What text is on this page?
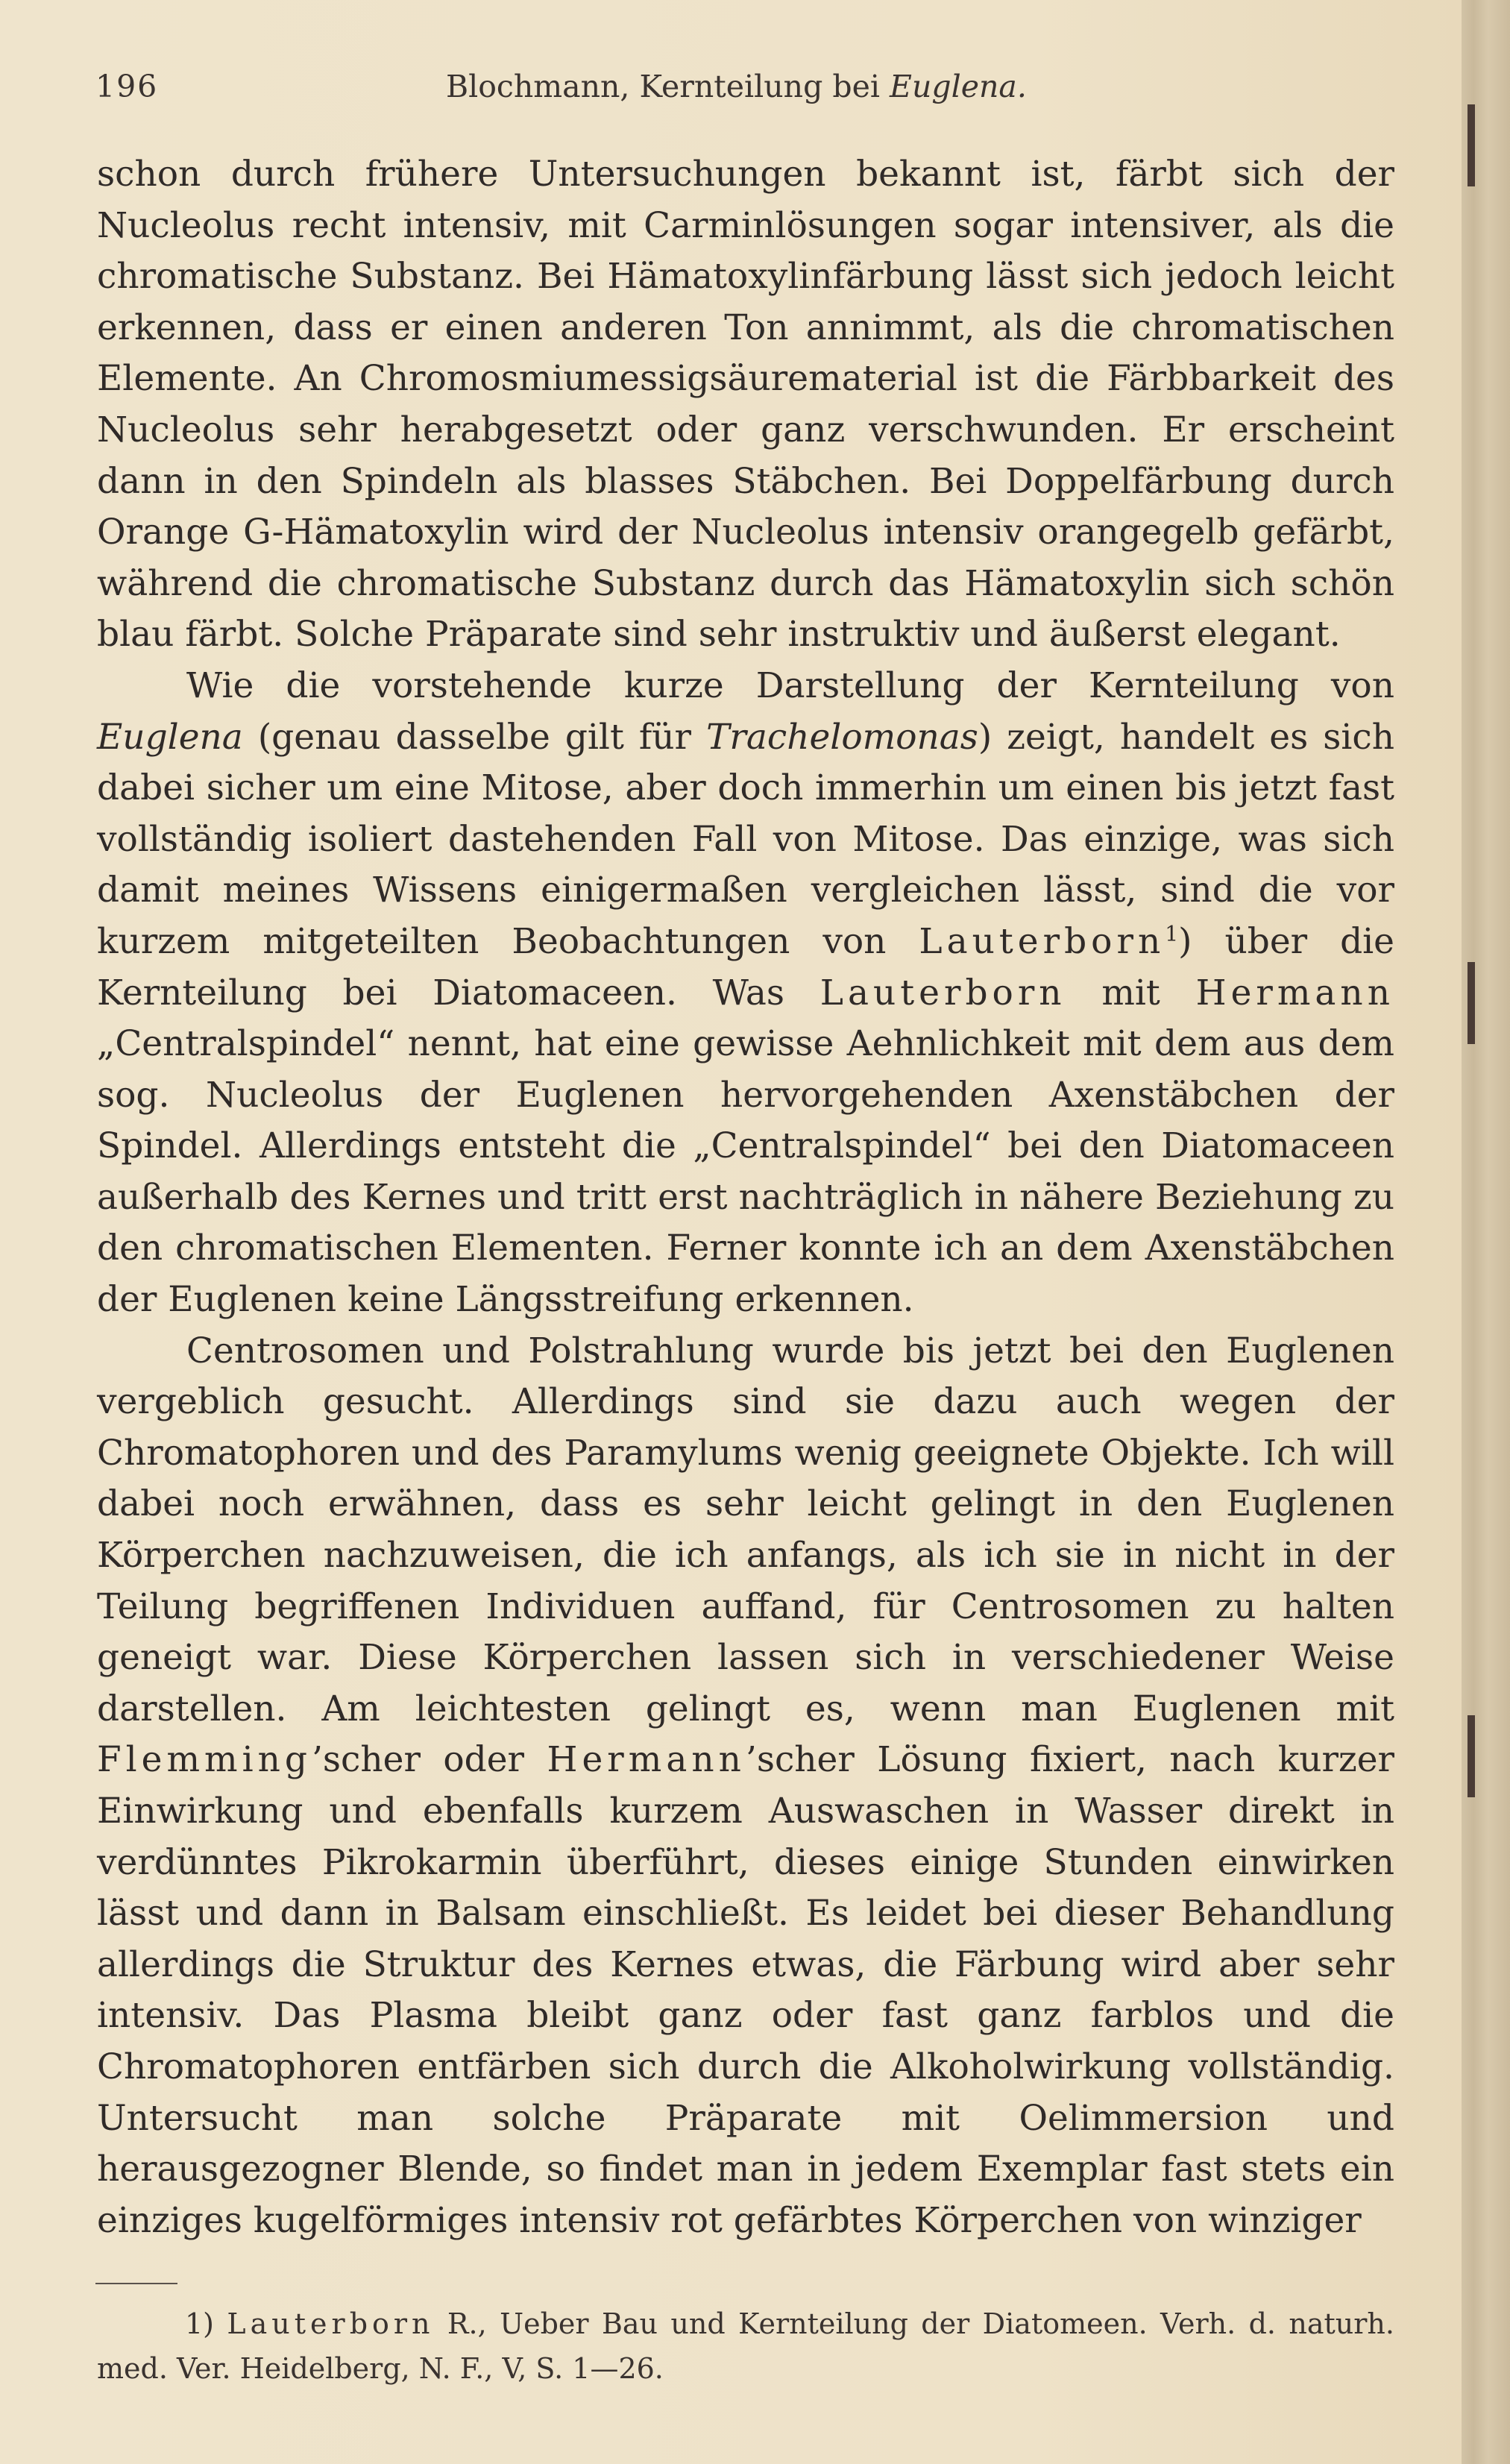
196	Blochmann, Kernteilung bei Euglena.

schon durch frühere Untersuchungen bekannt ist, färbt sich der Nucleolus recht intensiv, mit Carminlösungen sogar intensiver, als die chromatische Substanz. Bei Hämatoxylinfärbung lässt sich jedoch leicht erkennen, dass er einen anderen Ton annimmt, als die chromatischen Elemente. An Chromosmiumessigsäurematerial ist die Färbbarkeit des Nucleolus sehr herabgesetzt oder ganz verschwunden. Er erscheint dann in den Spindeln als blasses Stäbchen. Bei Doppelfärbung durch Orange G-Hämatoxylin wird der Nucleolus intensiv orangegelb gefärbt, während die chromatische Substanz durch das Hämatoxylin sich schön blau färbt. Solche Präparate sind sehr instruktiv und äußerst elegant.

Wie die vorstehende kurze Darstellung der Kernteilung von Euglena (genau dasselbe gilt für Trachelomonas) zeigt, handelt es sich dabei sicher um eine Mitose, aber doch immerhin um einen bis jetzt fast vollständig isoliert dastehenden Fall von Mitose. Das einzige, was sich damit meines Wissens einigermaßen vergleichen lässt, sind die vor kurzem mitgeteilten Beobachtungen von Lauterborn$^1$) über die Kernteilung bei Diatomaceen. Was Lauterborn mit Hermann „Centralspindel“ nennt, hat eine gewisse Aehnlichkeit mit dem aus dem sog. Nucleolus der Euglenen hervorgehenden Axenstäbchen der Spindel. Allerdings entsteht die „Centralspindel“ bei den Diatomaceen außerhalb des Kernes und tritt erst nachträglich in nähere Beziehung zu den chromatischen Elementen. Ferner konnte ich an dem Axenstäbchen der Euglenen keine Längsstreifung erkennen.

Centrosomen und Polstrahlung wurde bis jetzt bei den Euglenen vergeblich gesucht. Allerdings sind sie dazu auch wegen der Chromatophoren und des Paramylums wenig geeignete Objekte. Ich will dabei noch erwähnen, dass es sehr leicht gelingt in den Euglenen Körperchen nachzuweisen, die ich anfangs, als ich sie in nicht in der Teilung begriffenen Individuen auffand, für Centrosomen zu halten geneigt war. Diese Körperchen lassen sich in verschiedener Weise darstellen. Am leichtesten gelingt es, wenn man Euglenen mit Flemming’scher oder Hermann’scher Lösung fixiert, nach kurzer Einwirkung und ebenfalls kurzem Auswaschen in Wasser direkt in verdünntes Pikrokarmin überführt, dieses einige Stunden einwirken lässt und dann in Balsam einschließt. Es leidet bei dieser Behandlung allerdings die Struktur des Kernes etwas, die Färbung wird aber sehr intensiv. Das Plasma bleibt ganz oder fast ganz farblos und die Chromatophoren entfärben sich durch die Alkoholwirkung vollständig. Untersucht man solche Präparate mit Oelimmersion und herausgezogner Blende, so findet man in jedem Exemplar fast stets ein einziges kugelförmiges intensiv rot gefärbtes Körperchen von winziger

1) Lauterborn R., Ueber Bau und Kernteilung der Diatomeen. Verh. d. naturh. med. Ver. Heidelberg, N. F., V, S. 1—26.
